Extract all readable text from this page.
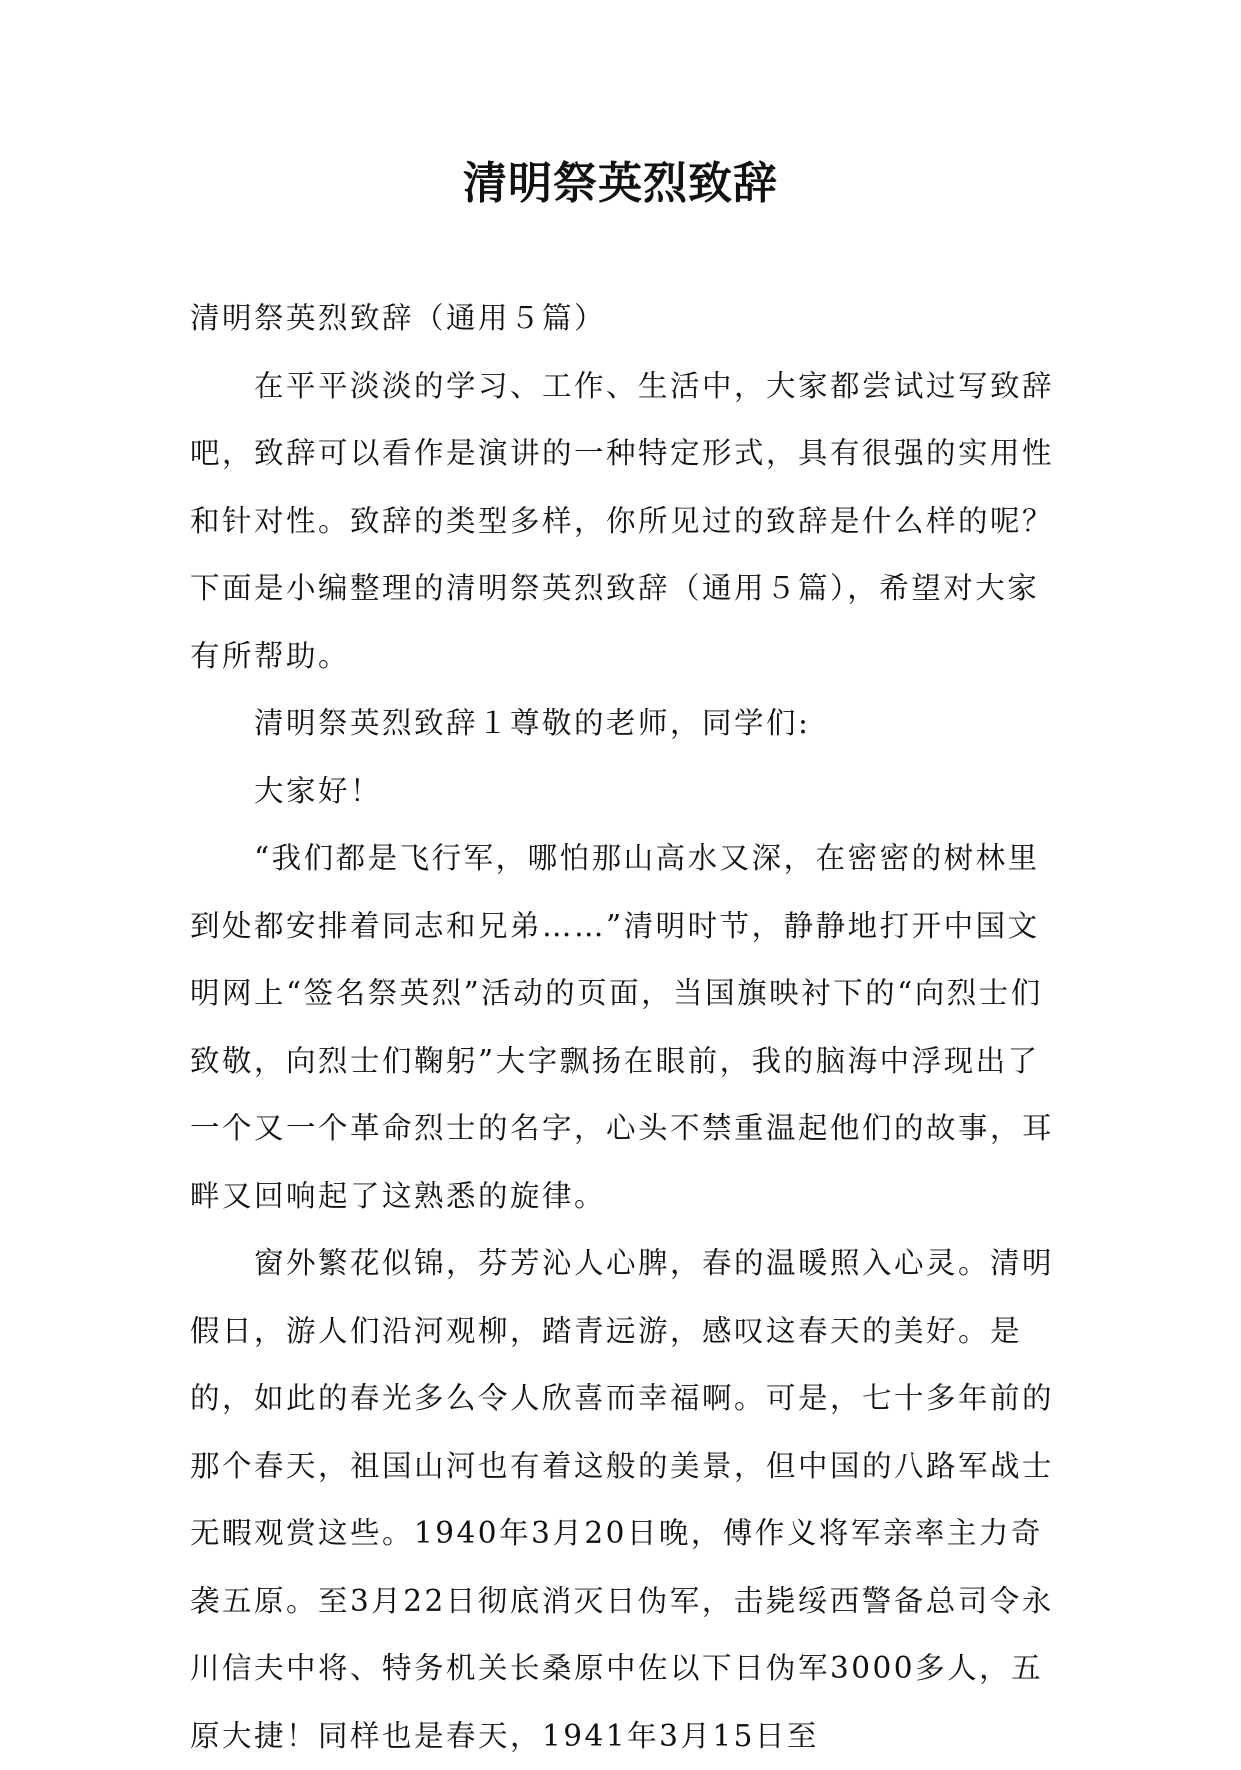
清明祭英烈致辞

清明祭英烈致辞（通用５篇）

在平平淡淡的学习、工作、生活中，大家都尝试过写致辞吧，致辞可以看作是演讲的一种特定形式，具有很强的实用性和针对性。致辞的类型多样，你所见过的致辞是什么样的呢？下面是小编整理的清明祭英烈致辞（通用５篇），希望对大家有所帮助。

清明祭英烈致辞１尊敬的老师，同学们:

大家好！

“我们都是飞行军，哪怕那山高水又深，在密密的树林里到处都安排着同志和兄弟……”清明时节，静静地打开中国文明网上“签名祭英烈”活动的页面，当国旗映衬下的“向烈士们致敬，向烈士们鞠躬”大字飘扬在眼前，我的脑海中浮现出了一个又一个革命烈士的名字，心头不禁重温起他们的故事，耳畔又回响起了这熟悉的旋律。

窗外繁花似锦，芬芳沁人心脾，春的温暖照入心灵。清明假日，游人们沿河观柳，踏青远游，感叹这春天的美好。是的，如此的春光多么令人欣喜而幸福啊。可是，七十多年前的那个春天，祖国山河也有着这般的美景，但中国的八路军战士无暇观赏这些。1940年3月20日晚，傅作义将军亲率主力奇袭五原。至3月22日彻底消灭日伪军，击毙绥西警备总司令永川信夫中将、特务机关长桑原中佐以下日伪军3000多人，五原大捷！同样也是春天，1941年3月15日至
